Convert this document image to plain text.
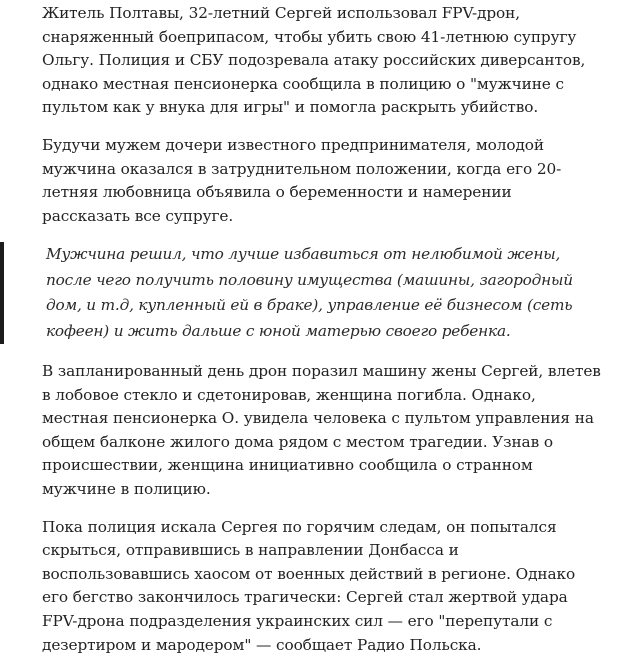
Житель Полтавы, 32-летний Сергей использовал FPV-дрон, снаряженный боеприпасом, чтобы убить свою 41-летнюю супругу Ольгу. Полиция и СБУ подозревала атаку российских диверсантов, однако местная пенсионерка сообщила в полицию о "мужчине с пультом как у внука для игры" и помогла раскрыть убийство.

Будучи мужем дочери известного предпринимателя, молодой мужчина оказался в затруднительном положении, когда его 20-летняя любовница объявила о беременности и намерении рассказать все супруге.

Мужчина решил, что лучше избавиться от нелюбимой жены, после чего получить половину имущества (машины, загородный дом, и т.д, купленный ей в браке), управление её бизнесом (сеть кофеен) и жить дальше с юной матерью своего ребенка.

В запланированный день дрон поразил машину жены Сергей, влетев в лобовое стекло и сдетонировав, женщина погибла. Однако, местная пенсионерка О. увидела человека с пультом управления на общем балконе жилого дома рядом с местом трагедии. Узнав о происшествии, женщина инициативно сообщила о странном мужчине в полицию.

Пока полиция искала Сергея по горячим следам, он попытался скрыться, отправившись в направлении Донбасса и воспользовавшись хаосом от военных действий в регионе. Однако его бегство закончилось трагически: Сергей стал жертвой удара FPV-дрона подразделения украинских сил — его "перепутали с дезертиром и мародером" — сообщает Радио Польска.
